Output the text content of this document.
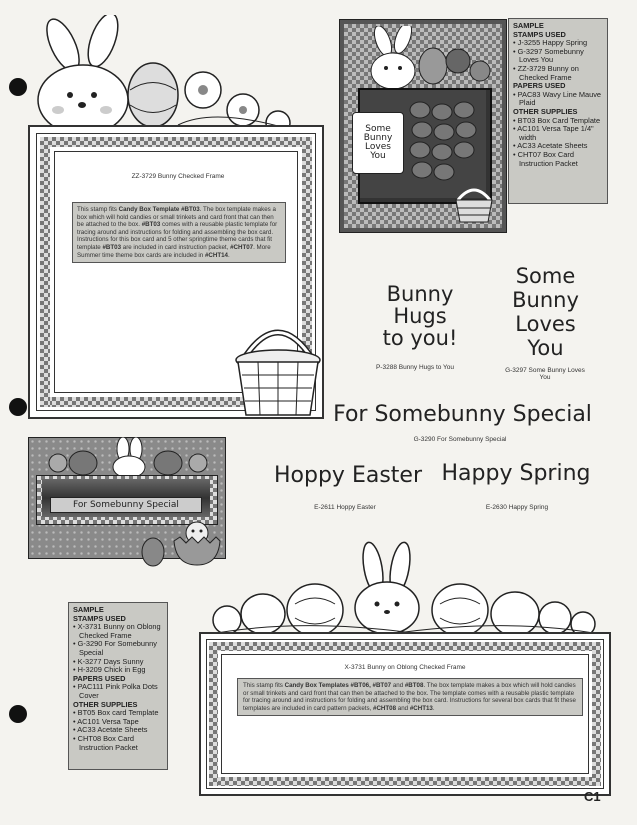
ZZ-3729 Bunny Checked Frame
This stamp fits Candy Box Template #BT03. The box template makes a box which will hold candies or small trinkets and card front that can then be attached to the box. #BT03 comes with a reusable plastic template for tracing around and instructions for folding and assembling the box card. Instructions for this box card and 5 other springtime theme cards that fit template #BT03 are included in card instruction packet, #CHT07. More Summer time theme box cards are included in #CHT14.
Some Bunny Loves You
SAMPLE
STAMPS USED
• J-3255 Happy Spring
• G-3297 Somebunny Loves You
• ZZ-3729 Bunny on Checked Frame
PAPERS USED
• PAC83 Wavy Line Mauve Plaid
OTHER SUPPLIES
• BT03 Box Card Template
• AC101 Versa Tape 1/4" width
• AC33 Acetate Sheets
• CHT07 Box Card Instruction Packet
Bunny
Hugs
to you!
P-3288 Bunny Hugs to You
Some
Bunny
Loves
You
G-3297 Some Bunny Loves You
For Somebunny Special
G-3290 For Somebunny Special
Hoppy Easter
E-2611 Hoppy Easter
Happy Spring
E-2630 Happy Spring
For Somebunny Special
SAMPLE
STAMPS USED
• X-3731 Bunny on Oblong Checked Frame
• G-3290 For Somebunny Special
• K-3277 Days Sunny
• H-3209 Chick in Egg
PAPERS USED
• PAC111 Pink Polka Dots Cover
OTHER SUPPLIES
• BT05 Box card Template
• AC101 Versa Tape
• AC33 Acetate Sheets
• CHT08 Box Card Instruction Packet
X-3731 Bunny on Oblong Checked Frame
This stamp fits Candy Box Templates #BT06, #BT07 and #BT08. The box template makes a box which will hold candies or small trinkets and card front that can then be attached to the box. The template comes with a reusable plastic template for tracing around and instructions for folding and assembling the box card. Instructions for several box cards that fit these templates are included in card pattern packets, #CHT08 and #CHT13.
C1
